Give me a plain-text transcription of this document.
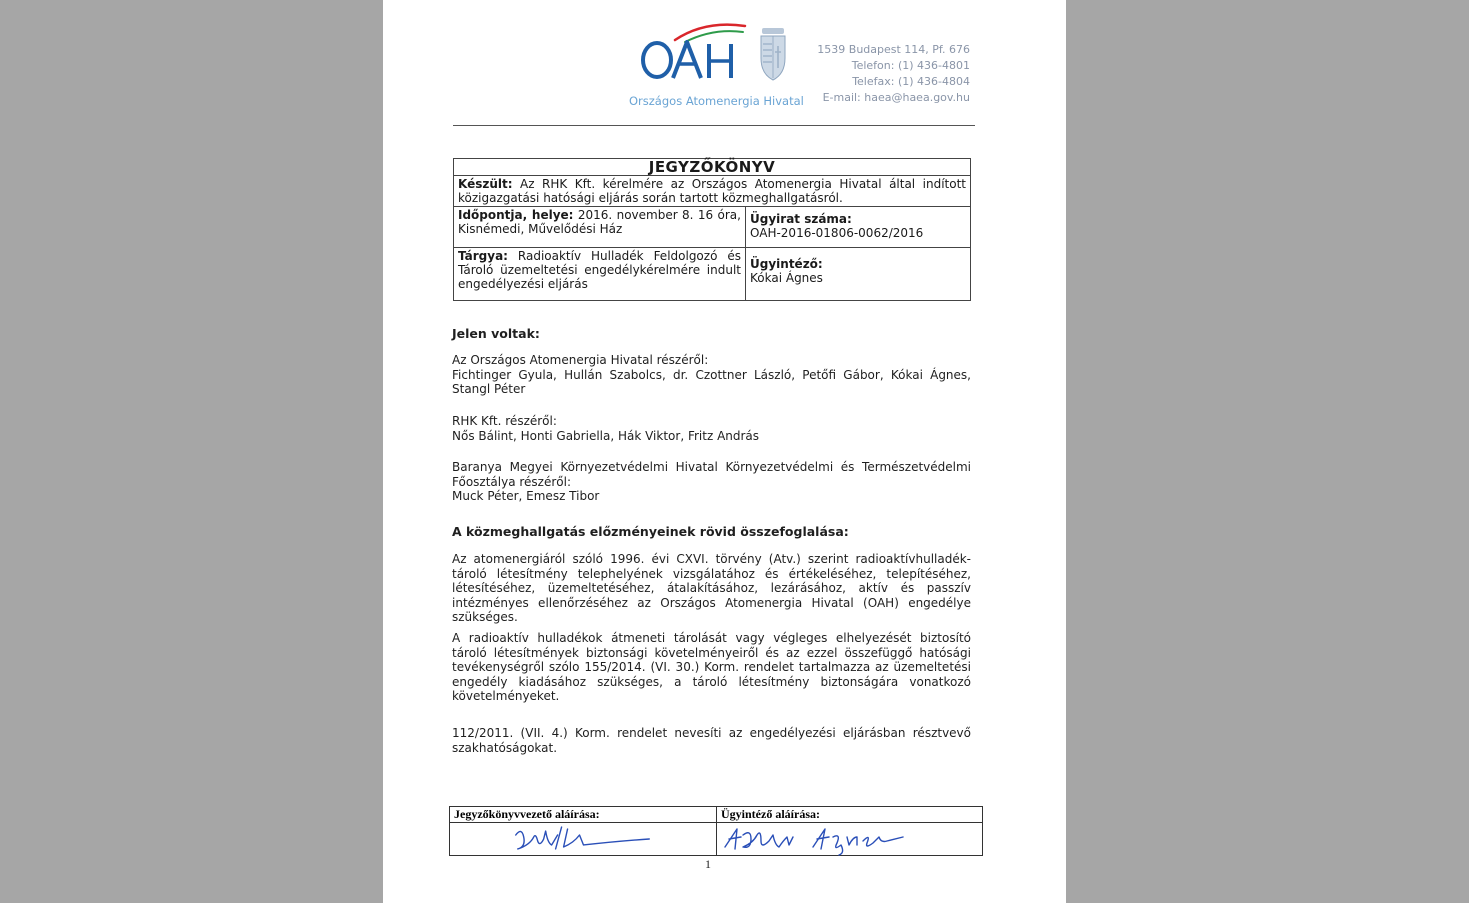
OAH
Országos Atomenergia Hivatal
1539 Budapest 114, Pf. 676
Telefon: (1) 436-4801
Telefax: (1) 436-4804
E-mail: haea@haea.gov.hu
JEGYZŐKÖNYV
Készült: Az RHK Kft. kérelmére az Országos Atomenergia Hivatal által indított közigazgatási hatósági eljárás során tartott közmeghallgatásról.
Időpontja, helye: 2016. november 8. 16 óra, Kisnémedi, Művelődési Ház
Ügyirat száma:
OAH-2016-01806-0062/2016
Tárgya: Radioaktív Hulladék Feldolgozó és Tároló üzemeltetési engedélykérelmére indult engedélyezési eljárás
Ügyintéző:
Kókai Ágnes
Jelen voltak:

Az Országos Atomenergia Hivatal részéről:

Fichtinger Gyula, Hullán Szabolcs, dr. Czottner László, Petőfi Gábor, Kókai Ágnes, Stangl Péter

RHK Kft. részéről:

Nős Bálint, Honti Gabriella, Hák Viktor, Fritz András

Baranya Megyei Környezetvédelmi Hivatal Környezetvédelmi és Természetvédelmi Főosztálya részéről:

Muck Péter, Emesz Tibor

A közmeghallgatás előzményeinek rövid összefoglalása:

Az atomenergiáról szóló 1996. évi CXVI. törvény (Atv.) szerint radioaktívhulladék-tároló létesítmény telephelyének vizsgálatához és értékeléséhez, telepítéséhez, létesítéséhez, üzemeltetéséhez, átalakításához, lezárásához, aktív és passzív intézményes ellenőrzéséhez az Országos Atomenergia Hivatal (OAH) engedélye szükséges.

A radioaktív hulladékok átmeneti tárolását vagy végleges elhelyezését biztosító tároló létesítmények biztonsági követelményeiről és az ezzel összefüggő hatósági tevékenységről szólo 155/2014. (VI. 30.) Korm. rendelet tartalmazza az üzemeltetési engedély kiadásához szükséges, a tároló létesítmény biztonságára vonatkozó követelményeket.

112/2011. (VII. 4.) Korm. rendelet nevesíti az engedélyezési eljárásban résztvevő szakhatóságokat.

Jegyzőkönyvvezető aláírása:	Ügyintéző aláírása:
1
